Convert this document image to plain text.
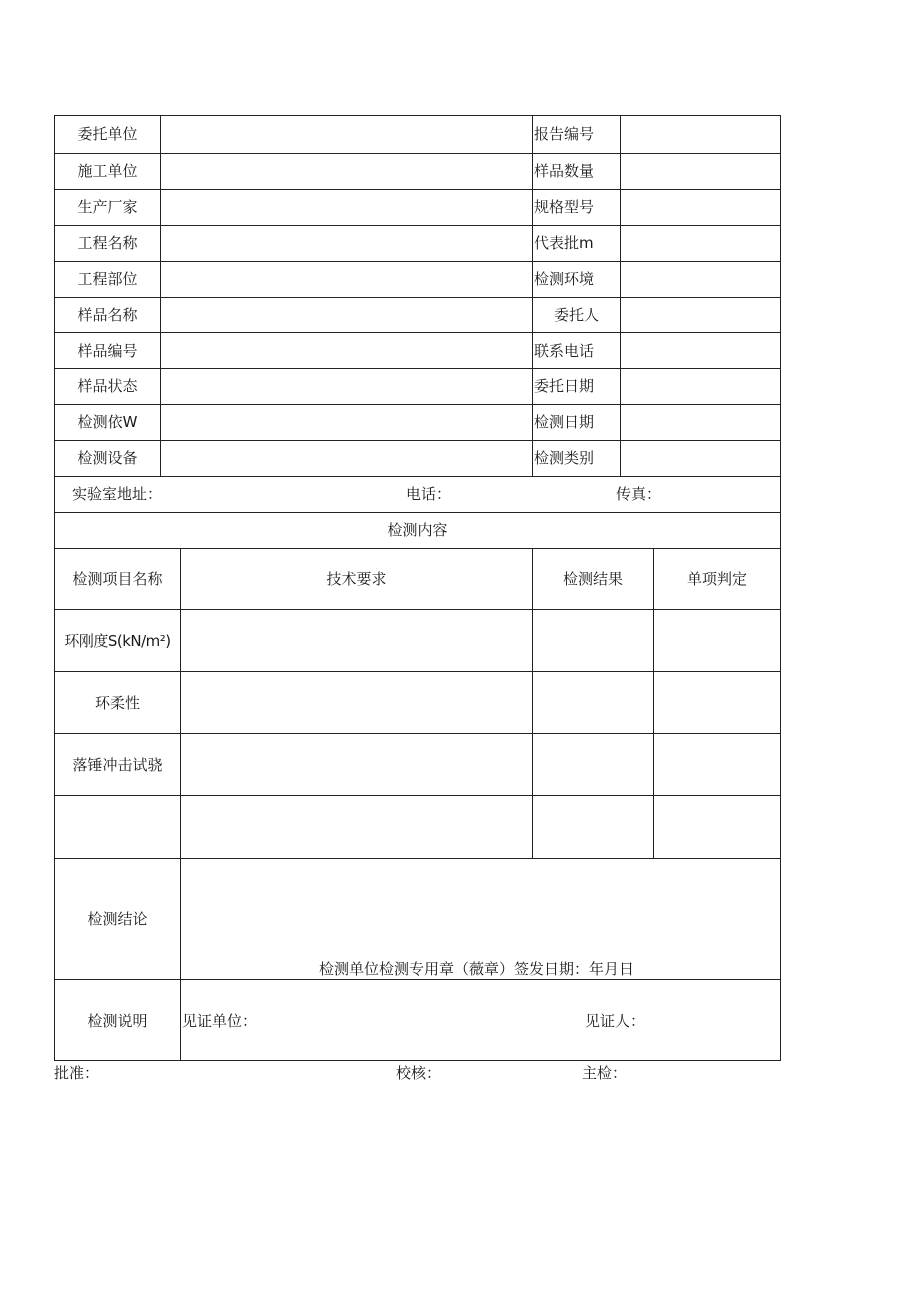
委托单位	报告编号
施工单位	样品数量
生产厂家	规格型号
工程名称	代表批m
工程部位	检测环境
样品名称	委托人
样品编号	联系电话
样品状态	委托日期
检测依W	检测日期
检测设备	检测类别
实验室地址：	电话：	传真：
检测内容
检测项目名称	技术要求	检测结果	单项判定
环刚度S(kN/m²)
环柔性
落锤冲击试骁
检测结论
检测单位检测专用章（薇章）签发日期：年月日
检测说明	见证单位：	见证人：
批准：	校核：	主检：
